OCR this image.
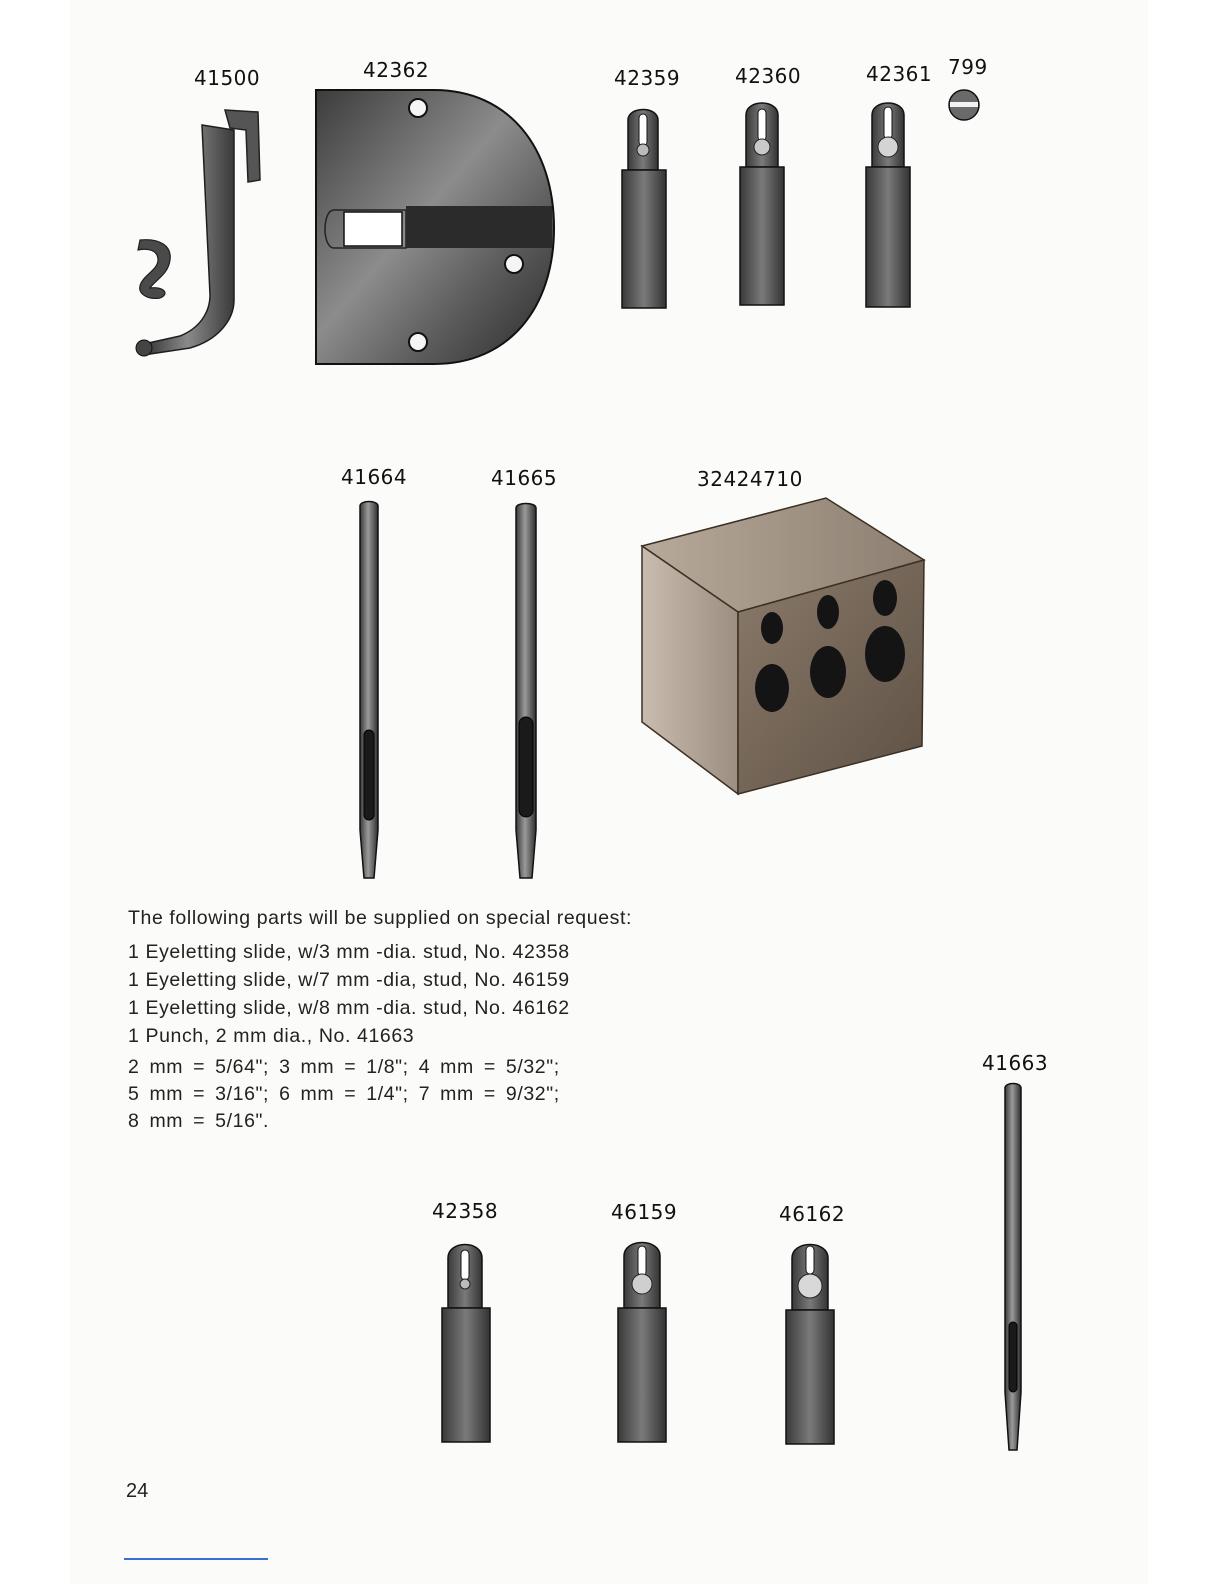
41500	42362	42359	42360	42361 799
41664	41665	32424710
The following parts will be supplied on special request:
1 Eyeletting slide, w/3 mm -dia. stud, No. 42358
1 Eyeletting slide, w/7 mm -dia, stud, No. 46159
1 Eyeletting slide, w/8 mm -dia. stud, No. 46162
1 Punch, 2 mm dia., No. 41663
2 mm = 5/64"; 3 mm = 1/8"; 4 mm = 5/32";
5 mm = 3/16"; 6 mm = 1/4"; 7 mm = 9/32";
8 mm = 5/16".
42358	46159	46162
41663
24
